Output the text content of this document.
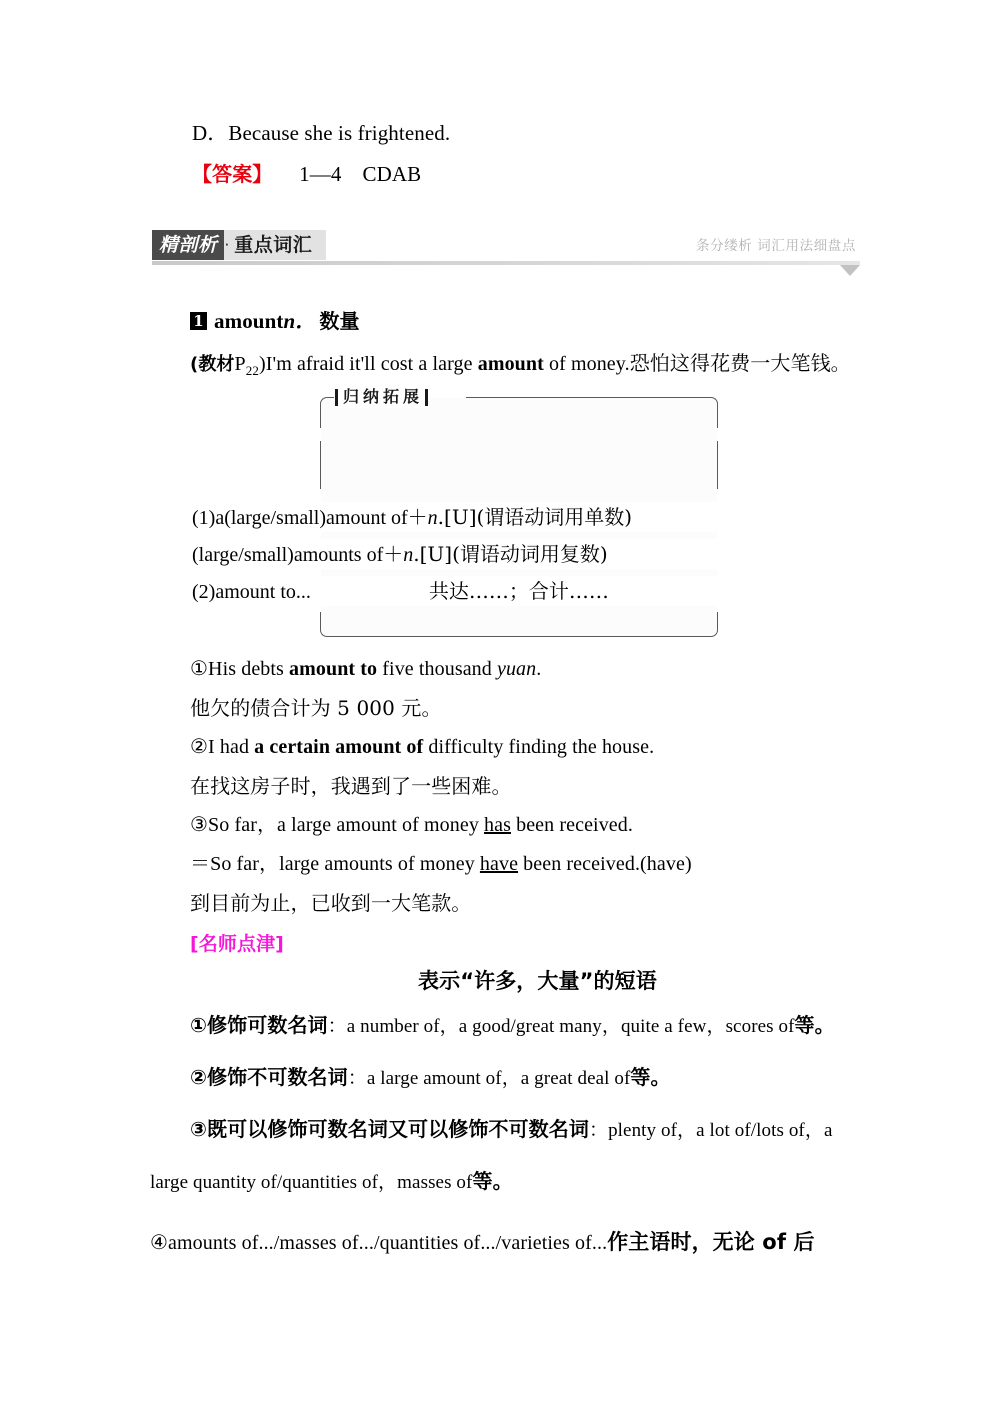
D．Because she is frightened.
【答案】 1—4　CDAB
精剖析 · 重点词汇	条分缕析 词汇用法细盘点
1 amountn． 数量
(教材$P_{22})I'm$ afraid it'll cost a large amount of money.恐怕这得花费一大笔钱。
归纳拓展
(1)a(large/small)amount of＋n.[U](谓语动词用单数)
(large/small)amounts of＋n.[U](谓语动词用复数)
(2)amount to...	共达……；合计……
①His debts amount to five thousand yuan.
他欠的债合计为 5 000 元。
②I had a certain amount of difficulty finding the house.
在找这房子时，我遇到了一些困难。
③So far，a large amount of money has been received.
＝So far，large amounts of money have been received.(have)
到目前为止，已收到一大笔款。
[名师点津]
表示“许多，大量”的短语
①修饰可数名词：a number of，a good/great many，quite a few，scores of等。
②修饰不可数名词：a large amount of，a great deal of等。
③既可以修饰可数名词又可以修饰不可数名词：plenty of，a lot of/lots of，a
large quantity of/quantities of，masses of等。
④amounts of.../masses of.../quantities of.../varieties of...作主语时，无论 of 后
